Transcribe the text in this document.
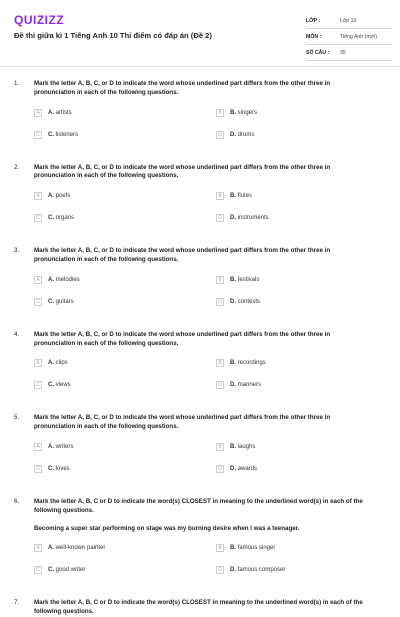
QUIZIZZ
Đề thi giữa kì 1 Tiếng Anh 10 Thí điểm có đáp án (Đề 2)
LỚP :	Lớp 10
MÔN :	Tiếng Anh (mới)
SỐ CÂU :	35
1. Mark the letter A, B, C, or D to indicate the word whose underlined part differs from the other three in pronunciation in each of the following questions.
A	A. artists	B	B. singers
C	C. listeners	D	D. drums
2. Mark the letter A, B, C, or D to indicate the word whose underlined part differs from the other three in pronunciation in each of the following questions.
A	A. poets	B	B. flutes
C	C. organs	D	D. instruments
3. Mark the letter A, B, C, or D to indicate the word whose underlined part differs from the other three in pronunciation in each of the following questions.
A	A. melodies	B	B. festivals
C	C. guitars	D	D. contests
4. Mark the letter A, B, C, or D to indicate the word whose underlined part differs from the other three in pronunciation in each of the following questions.
A	A. clips	B	B. recordings
C	C. views	D	D. manners
5. Mark the letter A, B, C, or D to indicate the word whose underlined part differs from the other three in pronunciation in each of the following questions.
A	A. writers	B	B. laughs
C	C. loves	D	D. awards
6. Mark the letter A, B, C or D to indicate the word(s) CLOSEST in meaning to the underlined word(s) in each of the following questions.
Becoming a super star performing on stage was my burning desire when I was a teenager.
A	A. well-known painter	B	B. famous singer
C	C. good writer	D	D. famous composer
7. Mark the letter A, B, C or D to indicate the word(s) CLOSEST in meaning to the underlined word(s) in each of the following questions.
